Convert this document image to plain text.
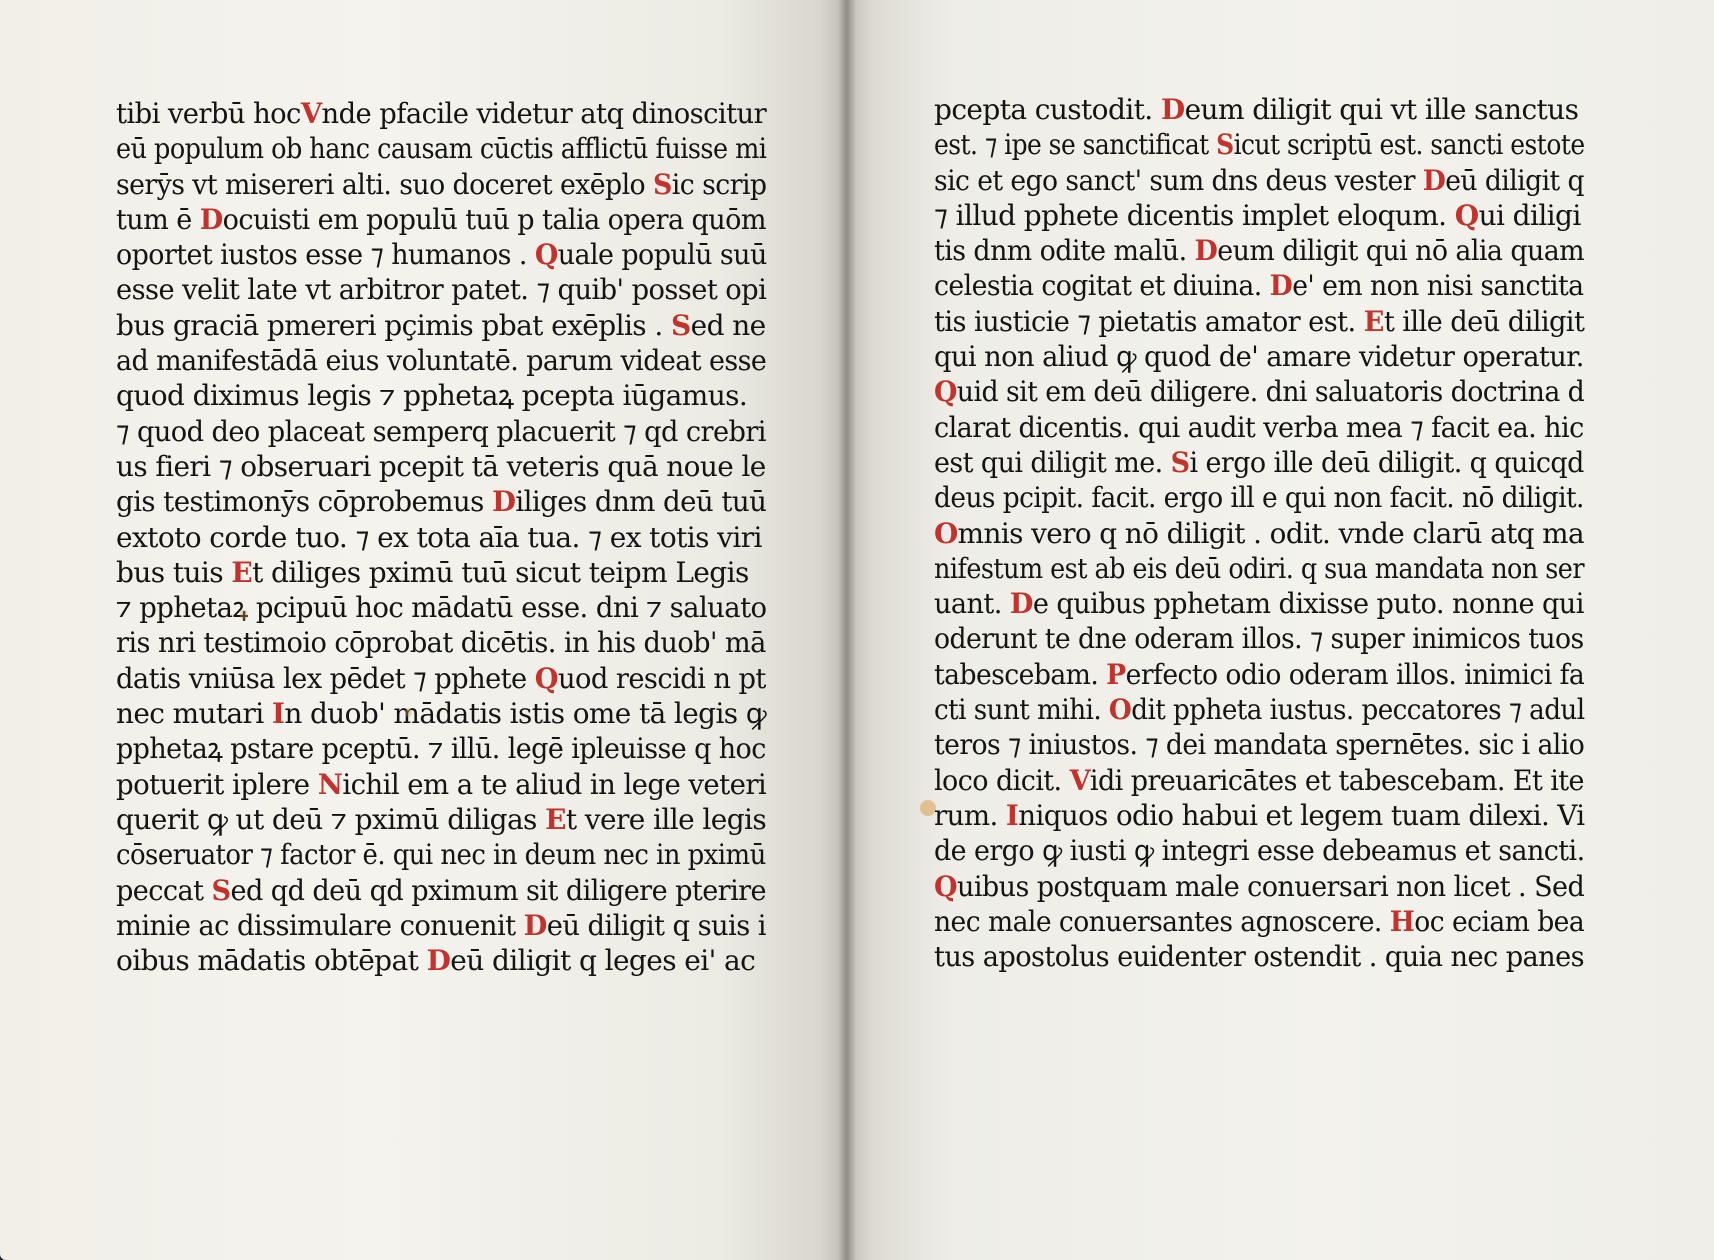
tibi verbū hocVnde pfacile videtur atq dinoscitur
eū populum ob hanc causam cūctis afflictū fuisse mi
serȳs vt misereri alti. suo doceret exēplo Sic scrip
tum ē Docuisti em populū tuū p talia opera quōm
oportet iustos esse ⁊ humanos . Quale populū suū
esse velit late vt arbitror patet. ⁊ quib' posset opi
bus graciā pmereri pҫimis pbat exēplis . Sed ne
ad manifestādā eius voluntatē. parum videat esse
quod diximus legis ⁊ pphetaꝝ pcepta iūgamus.
⁊ quod deo placeat semperq placuerit ⁊ qd crebri
us fieri ⁊ obseruari pcepit tā veteris quā noue le
gis testimonȳs cōprobemus Diliges dnm deū tuū
extoto corde tuo. ⁊ ex tota aīa tua. ⁊ ex totis viri
bus tuis Et diliges pximū tuū sicut teipm Legis
⁊ pphetaꝝ pcipuū hoc mādatū esse. dni ⁊ saluato
ris nri testimoio cōprobat dicētis. in his duob' mā
datis vniūsa lex pēdet ⁊ pphete Quod rescidi n pt
nec mutari In duob' mādatis istis ome tā legis ꝙ
pphetaꝝ pstare pceptū. ⁊ illū. legē ipleuisse q hoc
potuerit iplere Nichil em a te aliud in lege veteri
querit ꝙ ut deū ⁊ pximū diligas Et vere ille legis
cōseruator ⁊ factor ē. qui nec in deum nec in pximū
peccat Sed qd deū qd pximum sit diligere pterire
minie ac dissimulare conuenit Deū diligit q suis i
oibus mādatis obtēpat Deū diligit q leges ei' ac
pcepta custodit. Deum diligit qui vt ille sanctus
est. ⁊ ipe se sanctificat Sicut scriptū est. sancti estote
sic et ego sanct' sum dns deus vester Deū diligit q
⁊ illud pphete dicentis implet eloqum. Qui diligi
tis dnm odite malū. Deum diligit qui nō alia quam
celestia cogitat et diuina. De' em non nisi sanctita
tis iusticie ⁊ pietatis amator est. Et ille deū diligit
qui non aliud ꝙ quod de' amare videtur operatur.
Quid sit em deū diligere. dni saluatoris doctrina d
clarat dicentis. qui audit verba mea ⁊ facit ea. hic
est qui diligit me. Si ergo ille deū diligit. q quicqd
deus pcipit. facit. ergo ill e qui non facit. nō diligit.
Omnis vero q nō diligit . odit. vnde clarū atq ma
nifestum est ab eis deū odiri. q sua mandata non ser
uant. De quibus pphetam dixisse puto. nonne qui
oderunt te dne oderam illos. ⁊ super inimicos tuos
tabescebam. Perfecto odio oderam illos. inimici fa
cti sunt mihi. Odit ppheta iustus. peccatores ⁊ adul
teros ⁊ iniustos. ⁊ dei mandata spernētes. sic i alio
loco dicit. Vidi preuaricātes et tabescebam. Et ite
rum. Iniquos odio habui et legem tuam dilexi. Vi
de ergo ꝙ iusti ꝙ integri esse debeamus et sancti.
Quibus postquam male conuersari non licet . Sed
nec male conuersantes agnoscere. Hoc eciam bea
tus apostolus euidenter ostendit . quia nec panes
